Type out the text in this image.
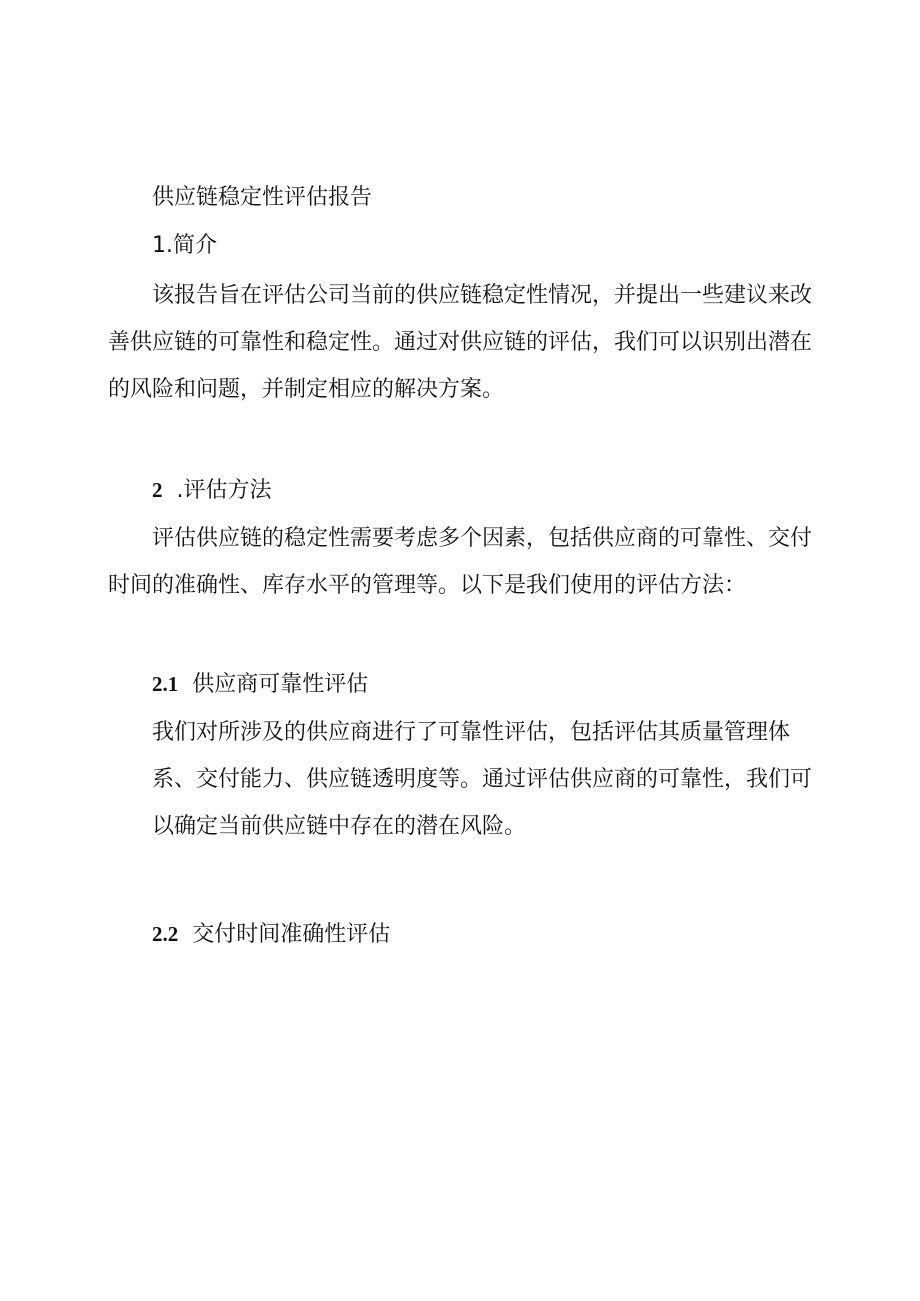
供应链稳定性评估报告
1.简介

该报告旨在评估公司当前的供应链稳定性情况，并提出一些建议来改善供应链的可靠性和稳定性。通过对供应链的评估，我们可以识别出潜在的风险和问题，并制定相应的解决方案。

2 .评估方法

评估供应链的稳定性需要考虑多个因素，包括供应商的可靠性、交付时间的准确性、库存水平的管理等。以下是我们使用的评估方法：

2.1 供应商可靠性评估

我们对所涉及的供应商进行了可靠性评估，包括评估其质量管理体系、交付能力、供应链透明度等。通过评估供应商的可靠性，我们可以确定当前供应链中存在的潜在风险。

2.2 交付时间准确性评估
